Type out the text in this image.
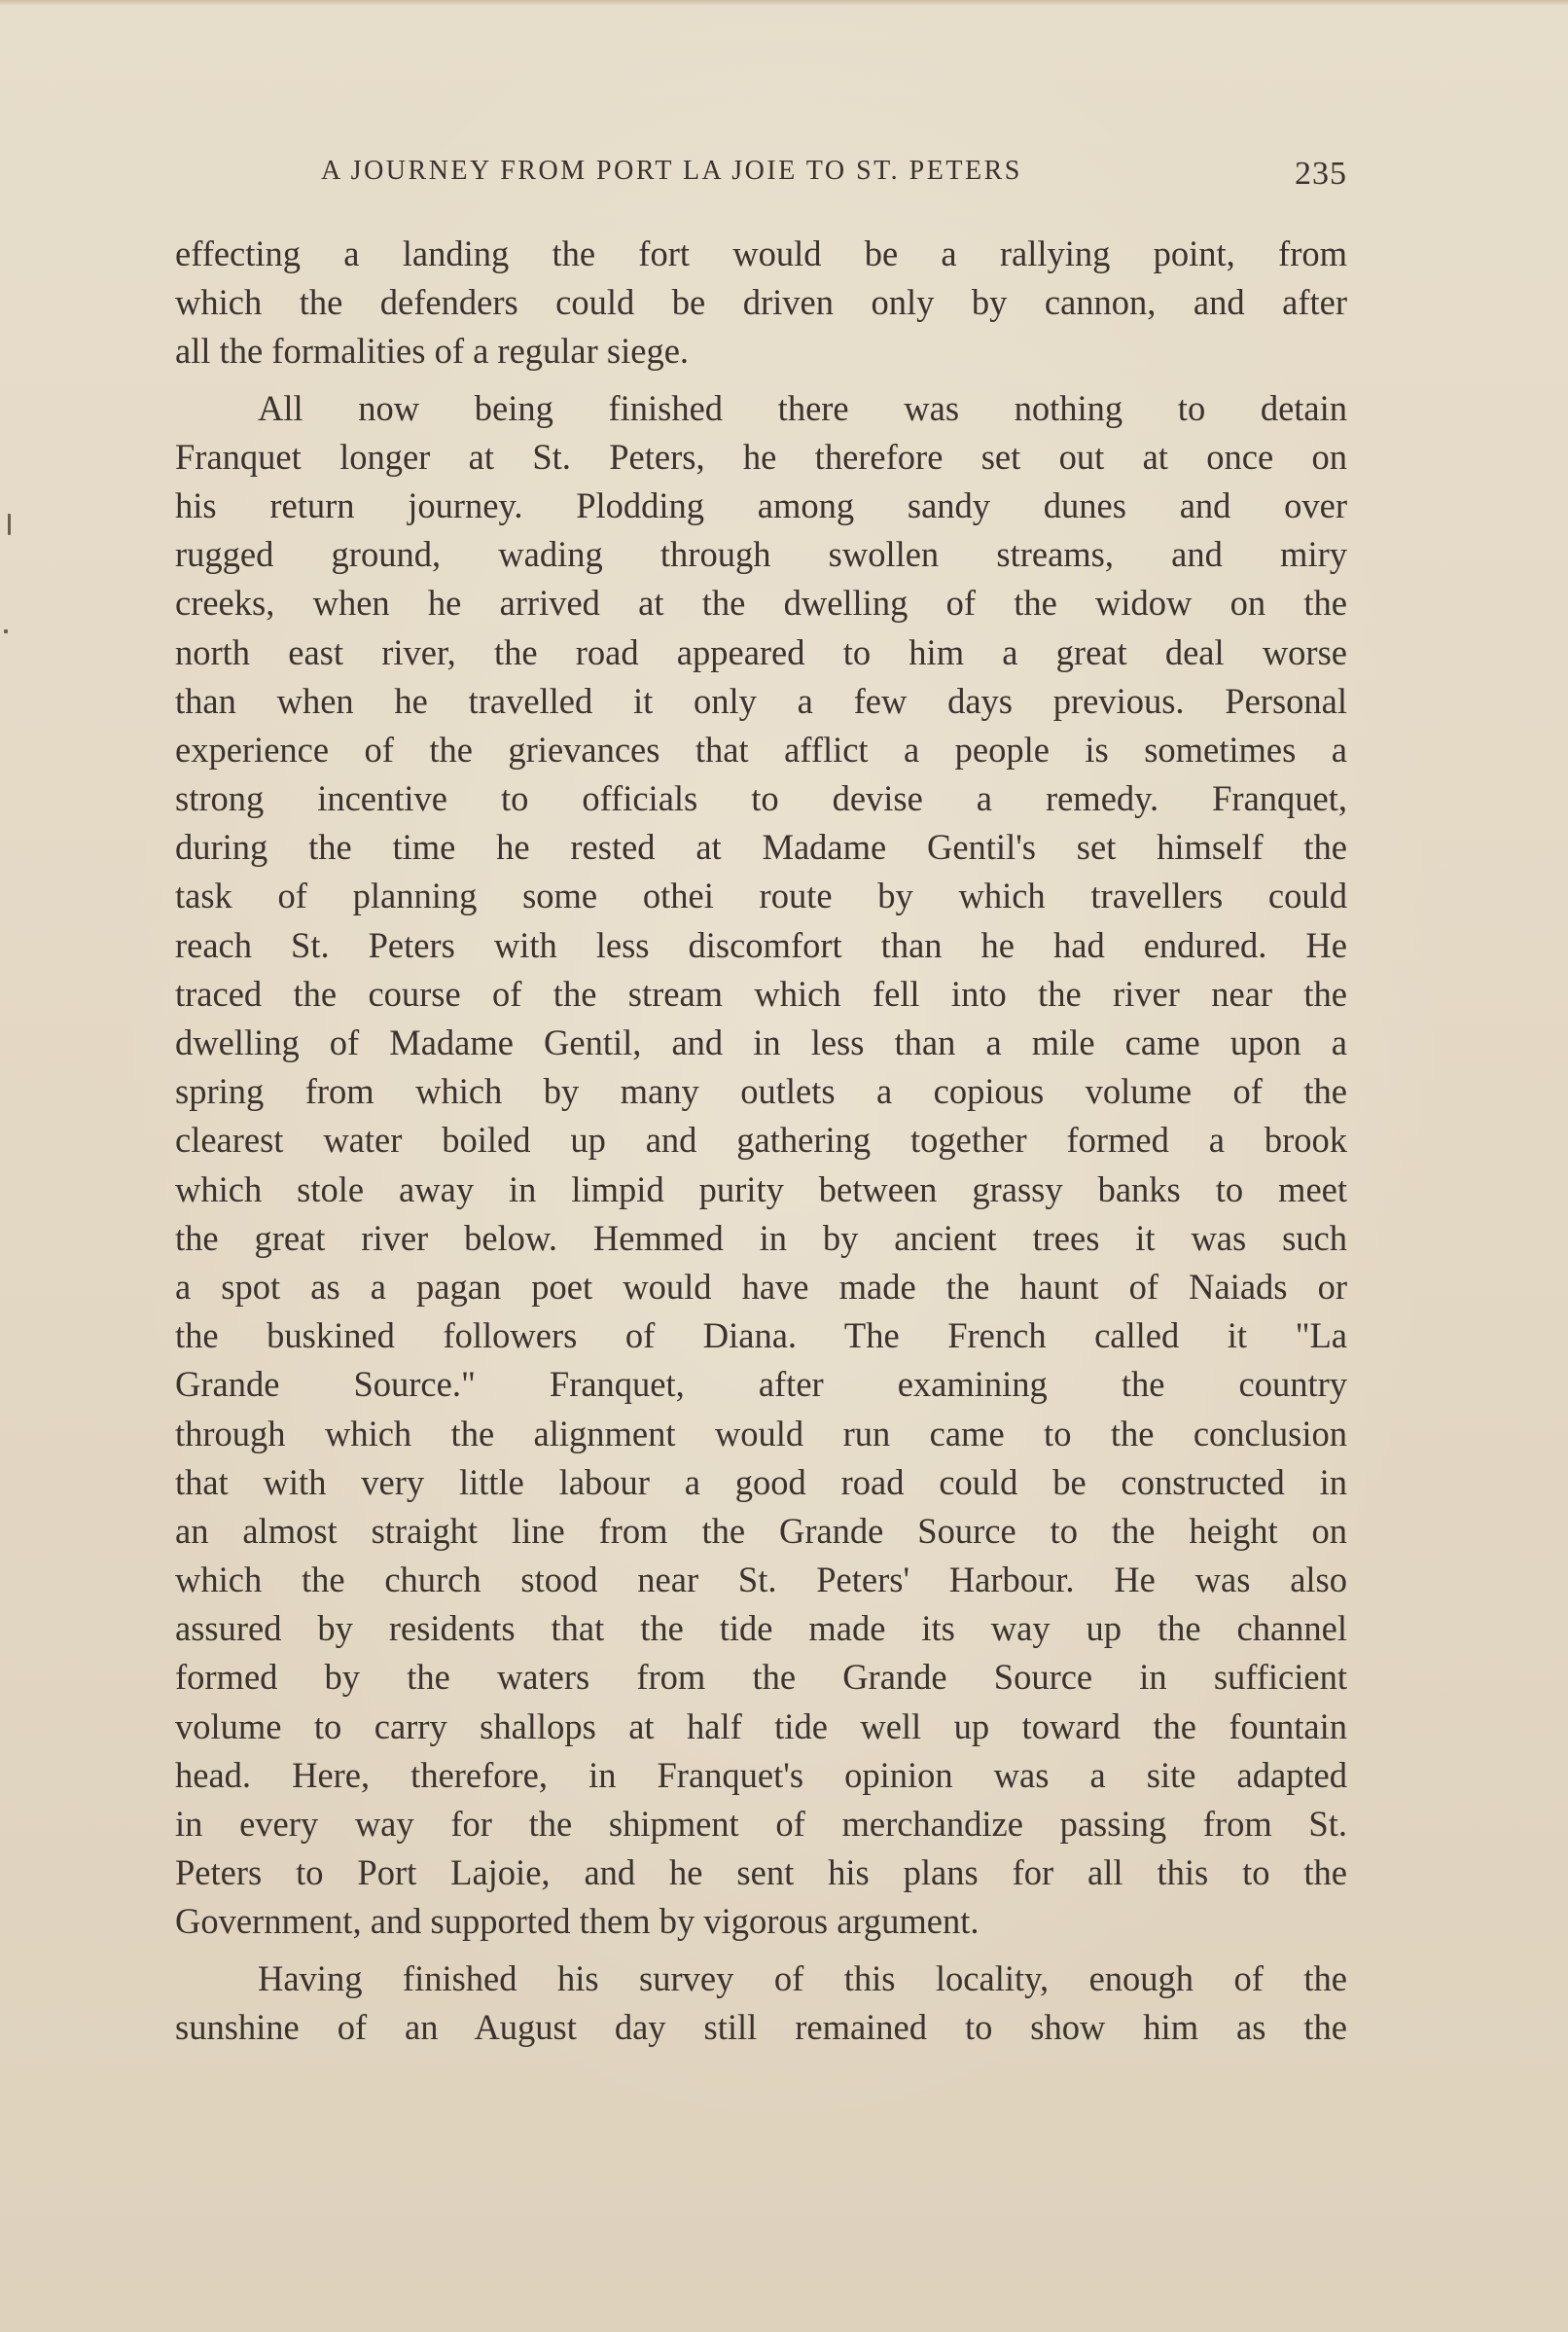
A JOURNEY FROM PORT LA JOIE TO ST. PETERS	235
effecting a landing the fort would be a rallying point, from
which the defenders could be driven only by cannon, and after
all the formalities of a regular siege.
All now being finished there was nothing to detain
Franquet longer at St. Peters, he therefore set out at once on
his return journey. Plodding among sandy dunes and over
rugged ground, wading through swollen streams, and miry
creeks, when he arrived at the dwelling of the widow on the
north east river, the road appeared to him a great deal worse
than when he travelled it only a few days previous. Personal
experience of the grievances that afflict a people is sometimes a
strong incentive to officials to devise a remedy. Franquet,
during the time he rested at Madame Gentil's set himself the
task of planning some othei route by which travellers could
reach St. Peters with less discomfort than he had endured. He
traced the course of the stream which fell into the river near the
dwelling of Madame Gentil, and in less than a mile came upon a
spring from which by many outlets a copious volume of the
clearest water boiled up and gathering together formed a brook
which stole away in limpid purity between grassy banks to meet
the great river below. Hemmed in by ancient trees it was such
a spot as a pagan poet would have made the haunt of Naiads or
the buskined followers of Diana. The French called it "La
Grande Source." Franquet, after examining the country
through which the alignment would run came to the conclusion
that with very little labour a good road could be constructed in
an almost straight line from the Grande Source to the height on
which the church stood near St. Peters' Harbour. He was also
assured by residents that the tide made its way up the channel
formed by the waters from the Grande Source in sufficient
volume to carry shallops at half tide well up toward the fountain
head. Here, therefore, in Franquet's opinion was a site adapted
in every way for the shipment of merchandize passing from St.
Peters to Port Lajoie, and he sent his plans for all this to the
Government, and supported them by vigorous argument.
Having finished his survey of this locality, enough of the
sunshine of an August day still remained to show him as the
